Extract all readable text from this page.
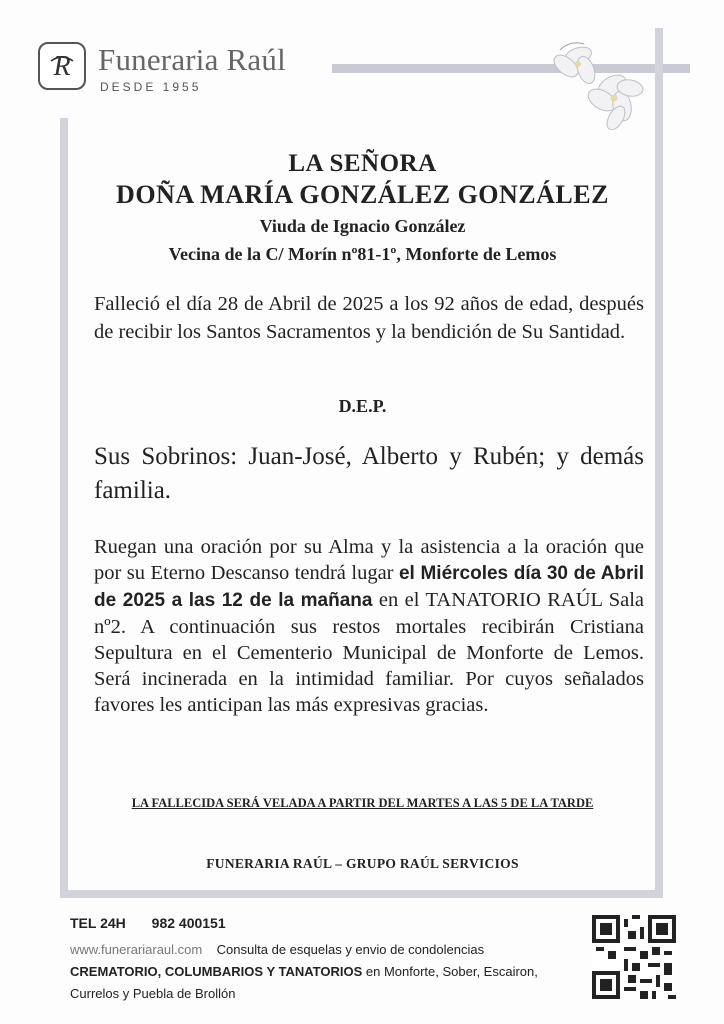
R Funeraria Raúl
DESDE 1955
LA SEÑORA
DOÑA MARÍA GONZÁLEZ GONZÁLEZ
Viuda de Ignacio González
Vecina de la C/ Morín nº81-1º, Monforte de Lemos
Falleció el día 28 de Abril de 2025 a los 92 años de edad, después de recibir los Santos Sacramentos y la bendición de Su Santidad.
D.E.P.
Sus Sobrinos: Juan-José, Alberto y Rubén; y demás familia.
Ruegan una oración por su Alma y la asistencia a la oración que por su Eterno Descanso tendrá lugar el Miércoles día 30 de Abril de 2025 a las 12 de la mañana en el TANATORIO RAÚL Sala nº2. A continuación sus restos mortales recibirán Cristiana Sepultura en el Cementerio Municipal de Monforte de Lemos. Será incinerada en la intimidad familiar. Por cuyos señalados favores les anticipan las más expresivas gracias.
LA FALLECIDA SERÁ VELADA A PARTIR DEL MARTES A LAS 5 DE LA TARDE
FUNERARIA RAÚL – GRUPO RAÚL SERVICIOS
TEL 24H 982 400151
www.funerariaraul.com Consulta de esquelas y envio de condolencias CREMATORIO, COLUMBARIOS Y TANATORIOS en Monforte, Sober, Escairon, Currelos y Puebla de Brollón
